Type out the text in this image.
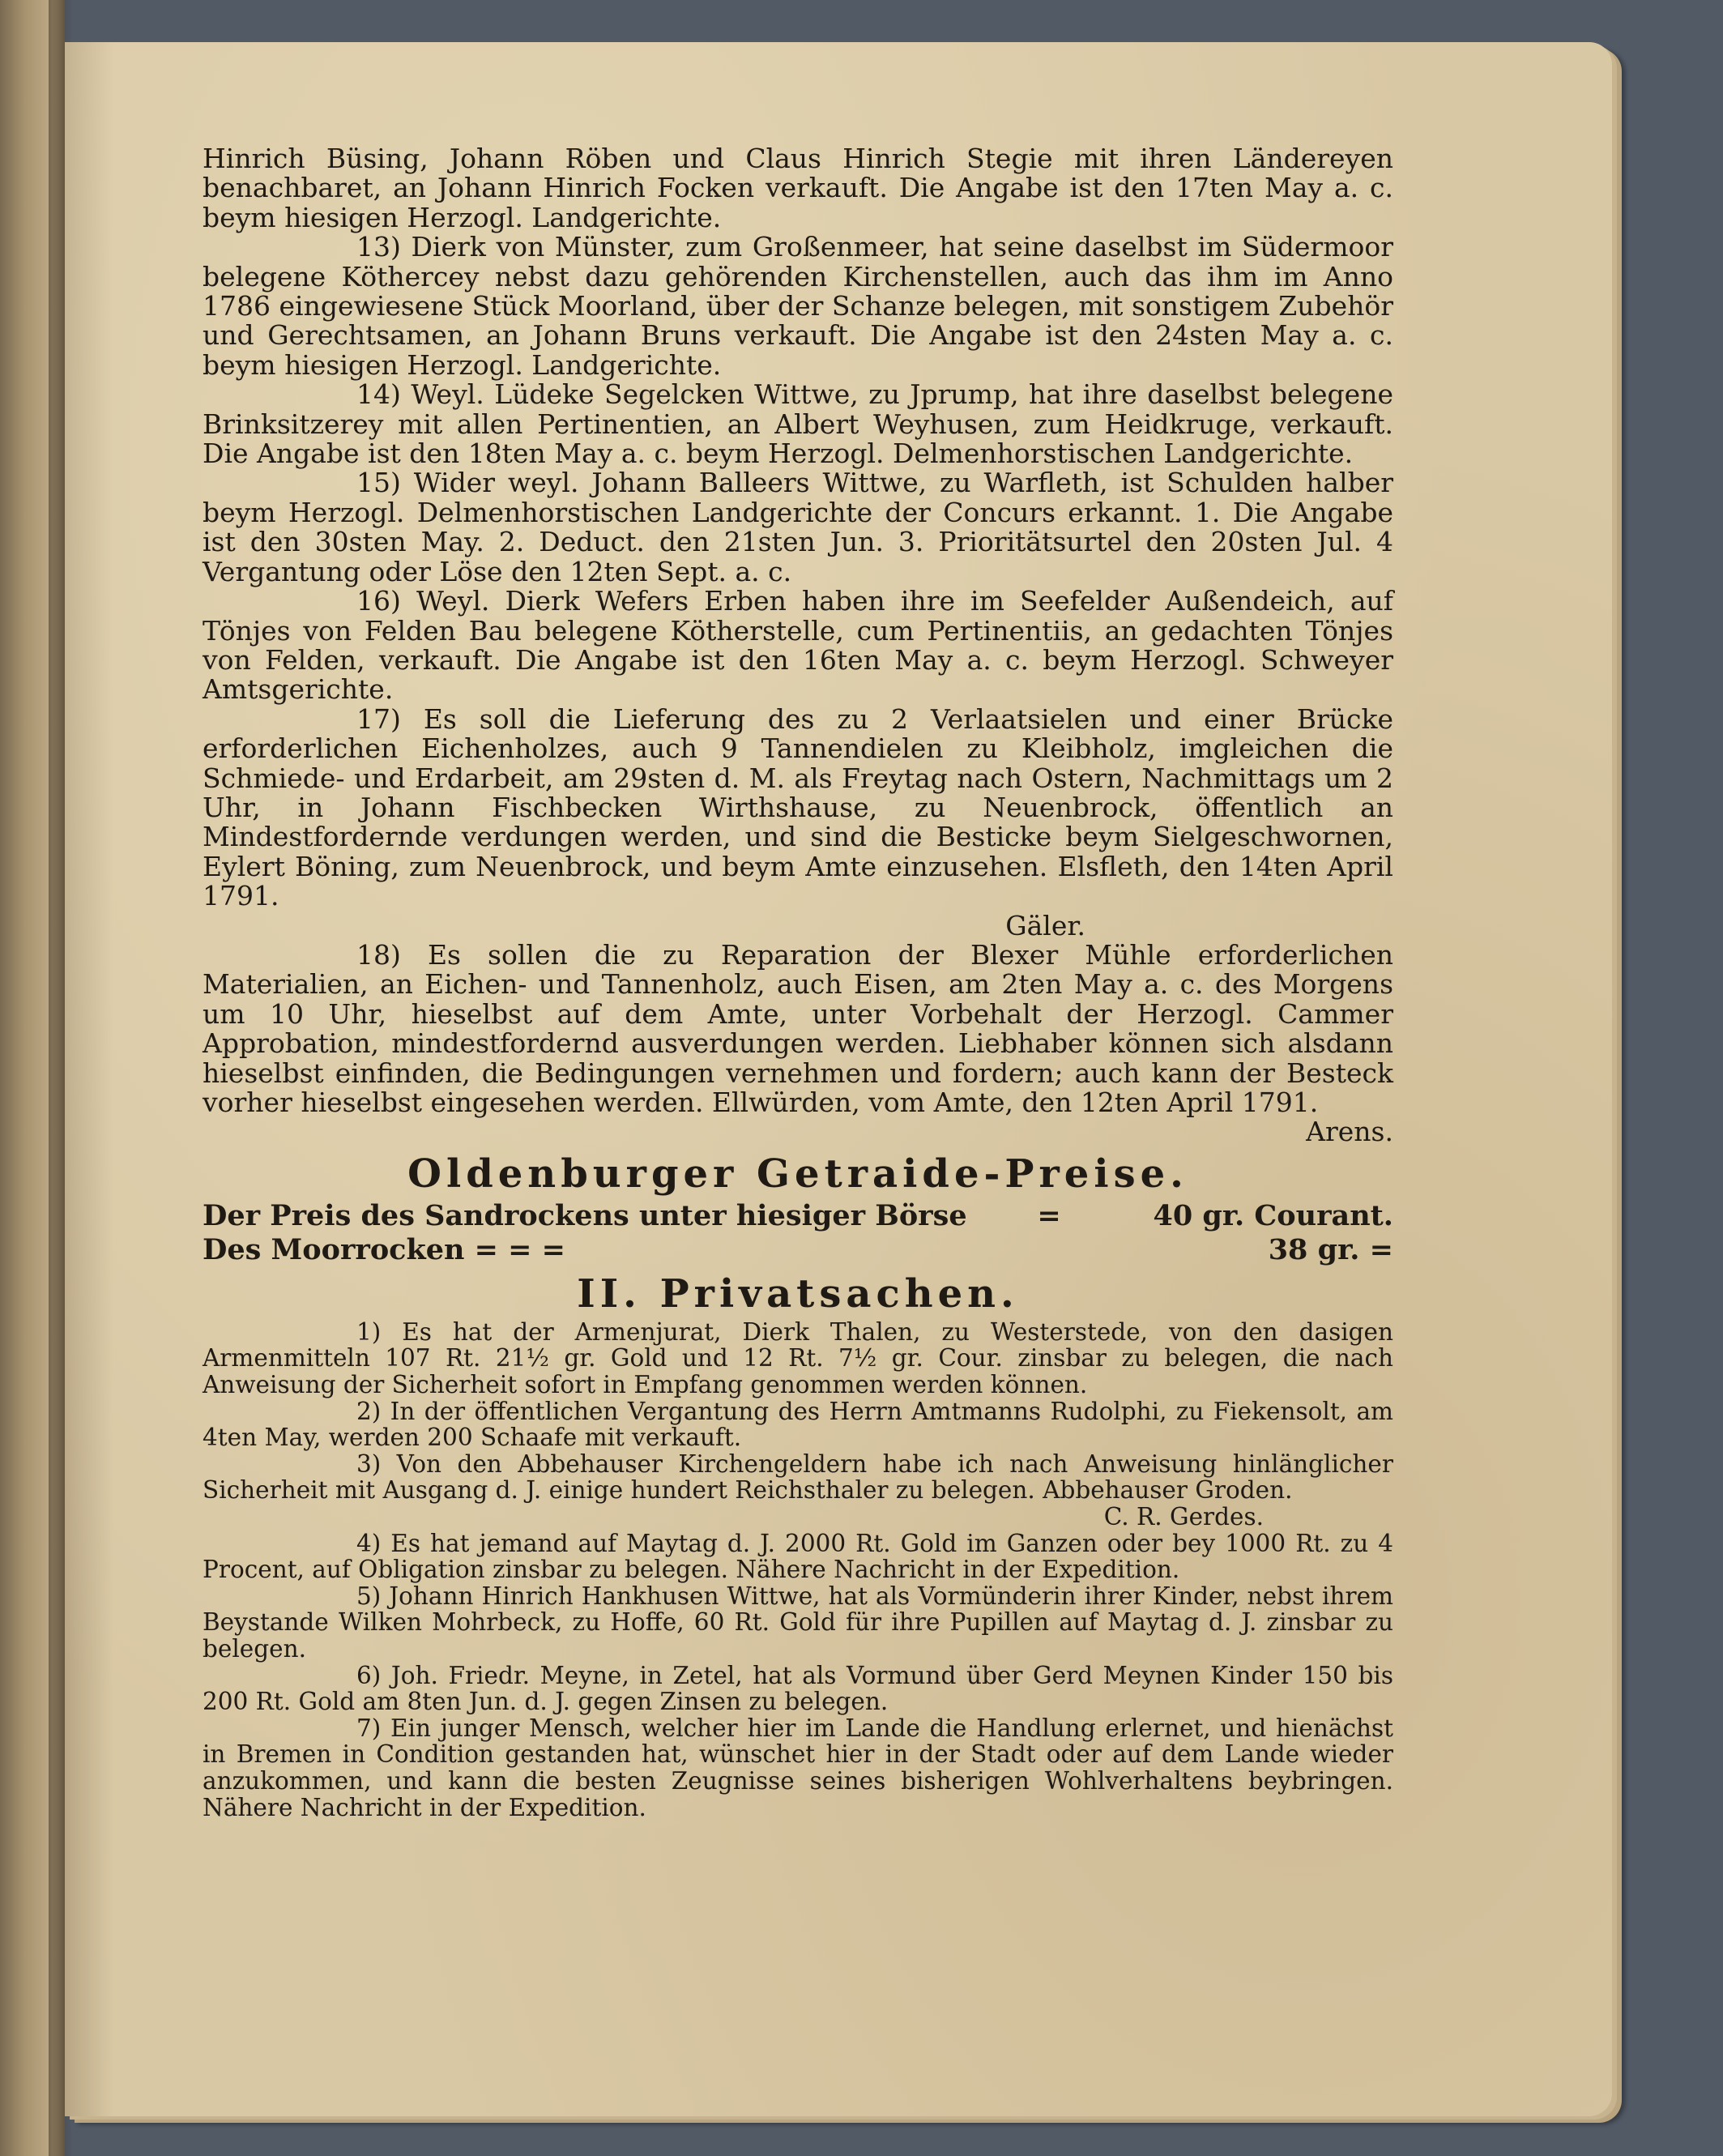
Hinrich Büsing, Johann Röben und Claus Hinrich Stegie mit ihren Ländereyen benachbaret, an Johann Hinrich Focken verkauft. Die Angabe ist den 17ten May a. c. beym hiesigen Herzogl. Landgerichte.

13) Dierk von Münster, zum Großenmeer, hat seine daselbst im Südermoor belegene Köthercey nebst dazu gehörenden Kirchenstellen, auch das ihm im Anno 1786 eingewiesene Stück Moorland, über der Schanze belegen, mit sonstigem Zubehör und Gerechtsamen, an Johann Bruns verkauft. Die Angabe ist den 24sten May a. c. beym hiesigen Herzogl. Landgerichte.

14) Weyl. Lüdeke Segelcken Wittwe, zu Jprump, hat ihre daselbst belegene Brinksitzerey mit allen Pertinentien, an Albert Weyhusen, zum Heidkruge, verkauft. Die Angabe ist den 18ten May a. c. beym Herzogl. Delmenhorstischen Landgerichte.

15) Wider weyl. Johann Balleers Wittwe, zu Warfleth, ist Schulden halber beym Herzogl. Delmenhorstischen Landgerichte der Concurs erkannt. 1. Die Angabe ist den 30sten May. 2. Deduct. den 21sten Jun. 3. Prioritätsurtel den 20sten Jul. 4 Vergantung oder Löse den 12ten Sept. a. c.

16) Weyl. Dierk Wefers Erben haben ihre im Seefelder Außendeich, auf Tönjes von Felden Bau belegene Kötherstelle, cum Pertinentiis, an gedachten Tönjes von Felden, verkauft. Die Angabe ist den 16ten May a. c. beym Herzogl. Schweyer Amtsgerichte.

17) Es soll die Lieferung des zu 2 Verlaatsielen und einer Brücke erforderlichen Eichenholzes, auch 9 Tannendielen zu Kleibholz, imgleichen die Schmiede- und Erdarbeit, am 29sten d. M. als Freytag nach Ostern, Nachmittags um 2 Uhr, in Johann Fischbecken Wirthshause, zu Neuenbrock, öffentlich an Mindestfordernde verdungen werden, und sind die Besticke beym Sielgeschwornen, Eylert Böning, zum Neuenbrock, und beym Amte einzusehen. Elsfleth, den 14ten April 1791.

Gäler.

18) Es sollen die zu Reparation der Blexer Mühle erforderlichen Materialien, an Eichen- und Tannenholz, auch Eisen, am 2ten May a. c. des Morgens um 10 Uhr, hieselbst auf dem Amte, unter Vorbehalt der Herzogl. Cammer Approbation, mindestfordernd ausverdungen werden. Liebhaber können sich alsdann hieselbst einfinden, die Bedingungen vernehmen und fordern; auch kann der Besteck vorher hieselbst eingesehen werden. Ellwürden, vom Amte, den 12ten April 1791.

Arens.

Oldenburger Getraide-Preise.
Der Preis des Sandrockens unter hiesiger Börse	=	40 gr. Courant.
Des Moorrocken = = =	38 gr. =
II. Privatsachen.

1) Es hat der Armenjurat, Dierk Thalen, zu Westerstede, von den dasigen Armenmitteln 107 Rt. 21½ gr. Gold und 12 Rt. 7½ gr. Cour. zinsbar zu belegen, die nach Anweisung der Sicherheit sofort in Empfang genommen werden können.

2) In der öffentlichen Vergantung des Herrn Amtmanns Rudolphi, zu Fiekensolt, am 4ten May, werden 200 Schaafe mit verkauft.

3) Von den Abbehauser Kirchengeldern habe ich nach Anweisung hinlänglicher Sicherheit mit Ausgang d. J. einige hundert Reichsthaler zu belegen. Abbehauser Groden.

C. R. Gerdes.

4) Es hat jemand auf Maytag d. J. 2000 Rt. Gold im Ganzen oder bey 1000 Rt. zu 4 Procent, auf Obligation zinsbar zu belegen. Nähere Nachricht in der Expedition.

5) Johann Hinrich Hankhusen Wittwe, hat als Vormünderin ihrer Kinder, nebst ihrem Beystande Wilken Mohrbeck, zu Hoffe, 60 Rt. Gold für ihre Pupillen auf Maytag d. J. zinsbar zu belegen.

6) Joh. Friedr. Meyne, in Zetel, hat als Vormund über Gerd Meynen Kinder 150 bis 200 Rt. Gold am 8ten Jun. d. J. gegen Zinsen zu belegen.

7) Ein junger Mensch, welcher hier im Lande die Handlung erlernet, und hienächst in Bremen in Condition gestanden hat, wünschet hier in der Stadt oder auf dem Lande wieder anzukommen, und kann die besten Zeugnisse seines bisherigen Wohlverhaltens beybringen. Nähere Nachricht in der Expedition.
